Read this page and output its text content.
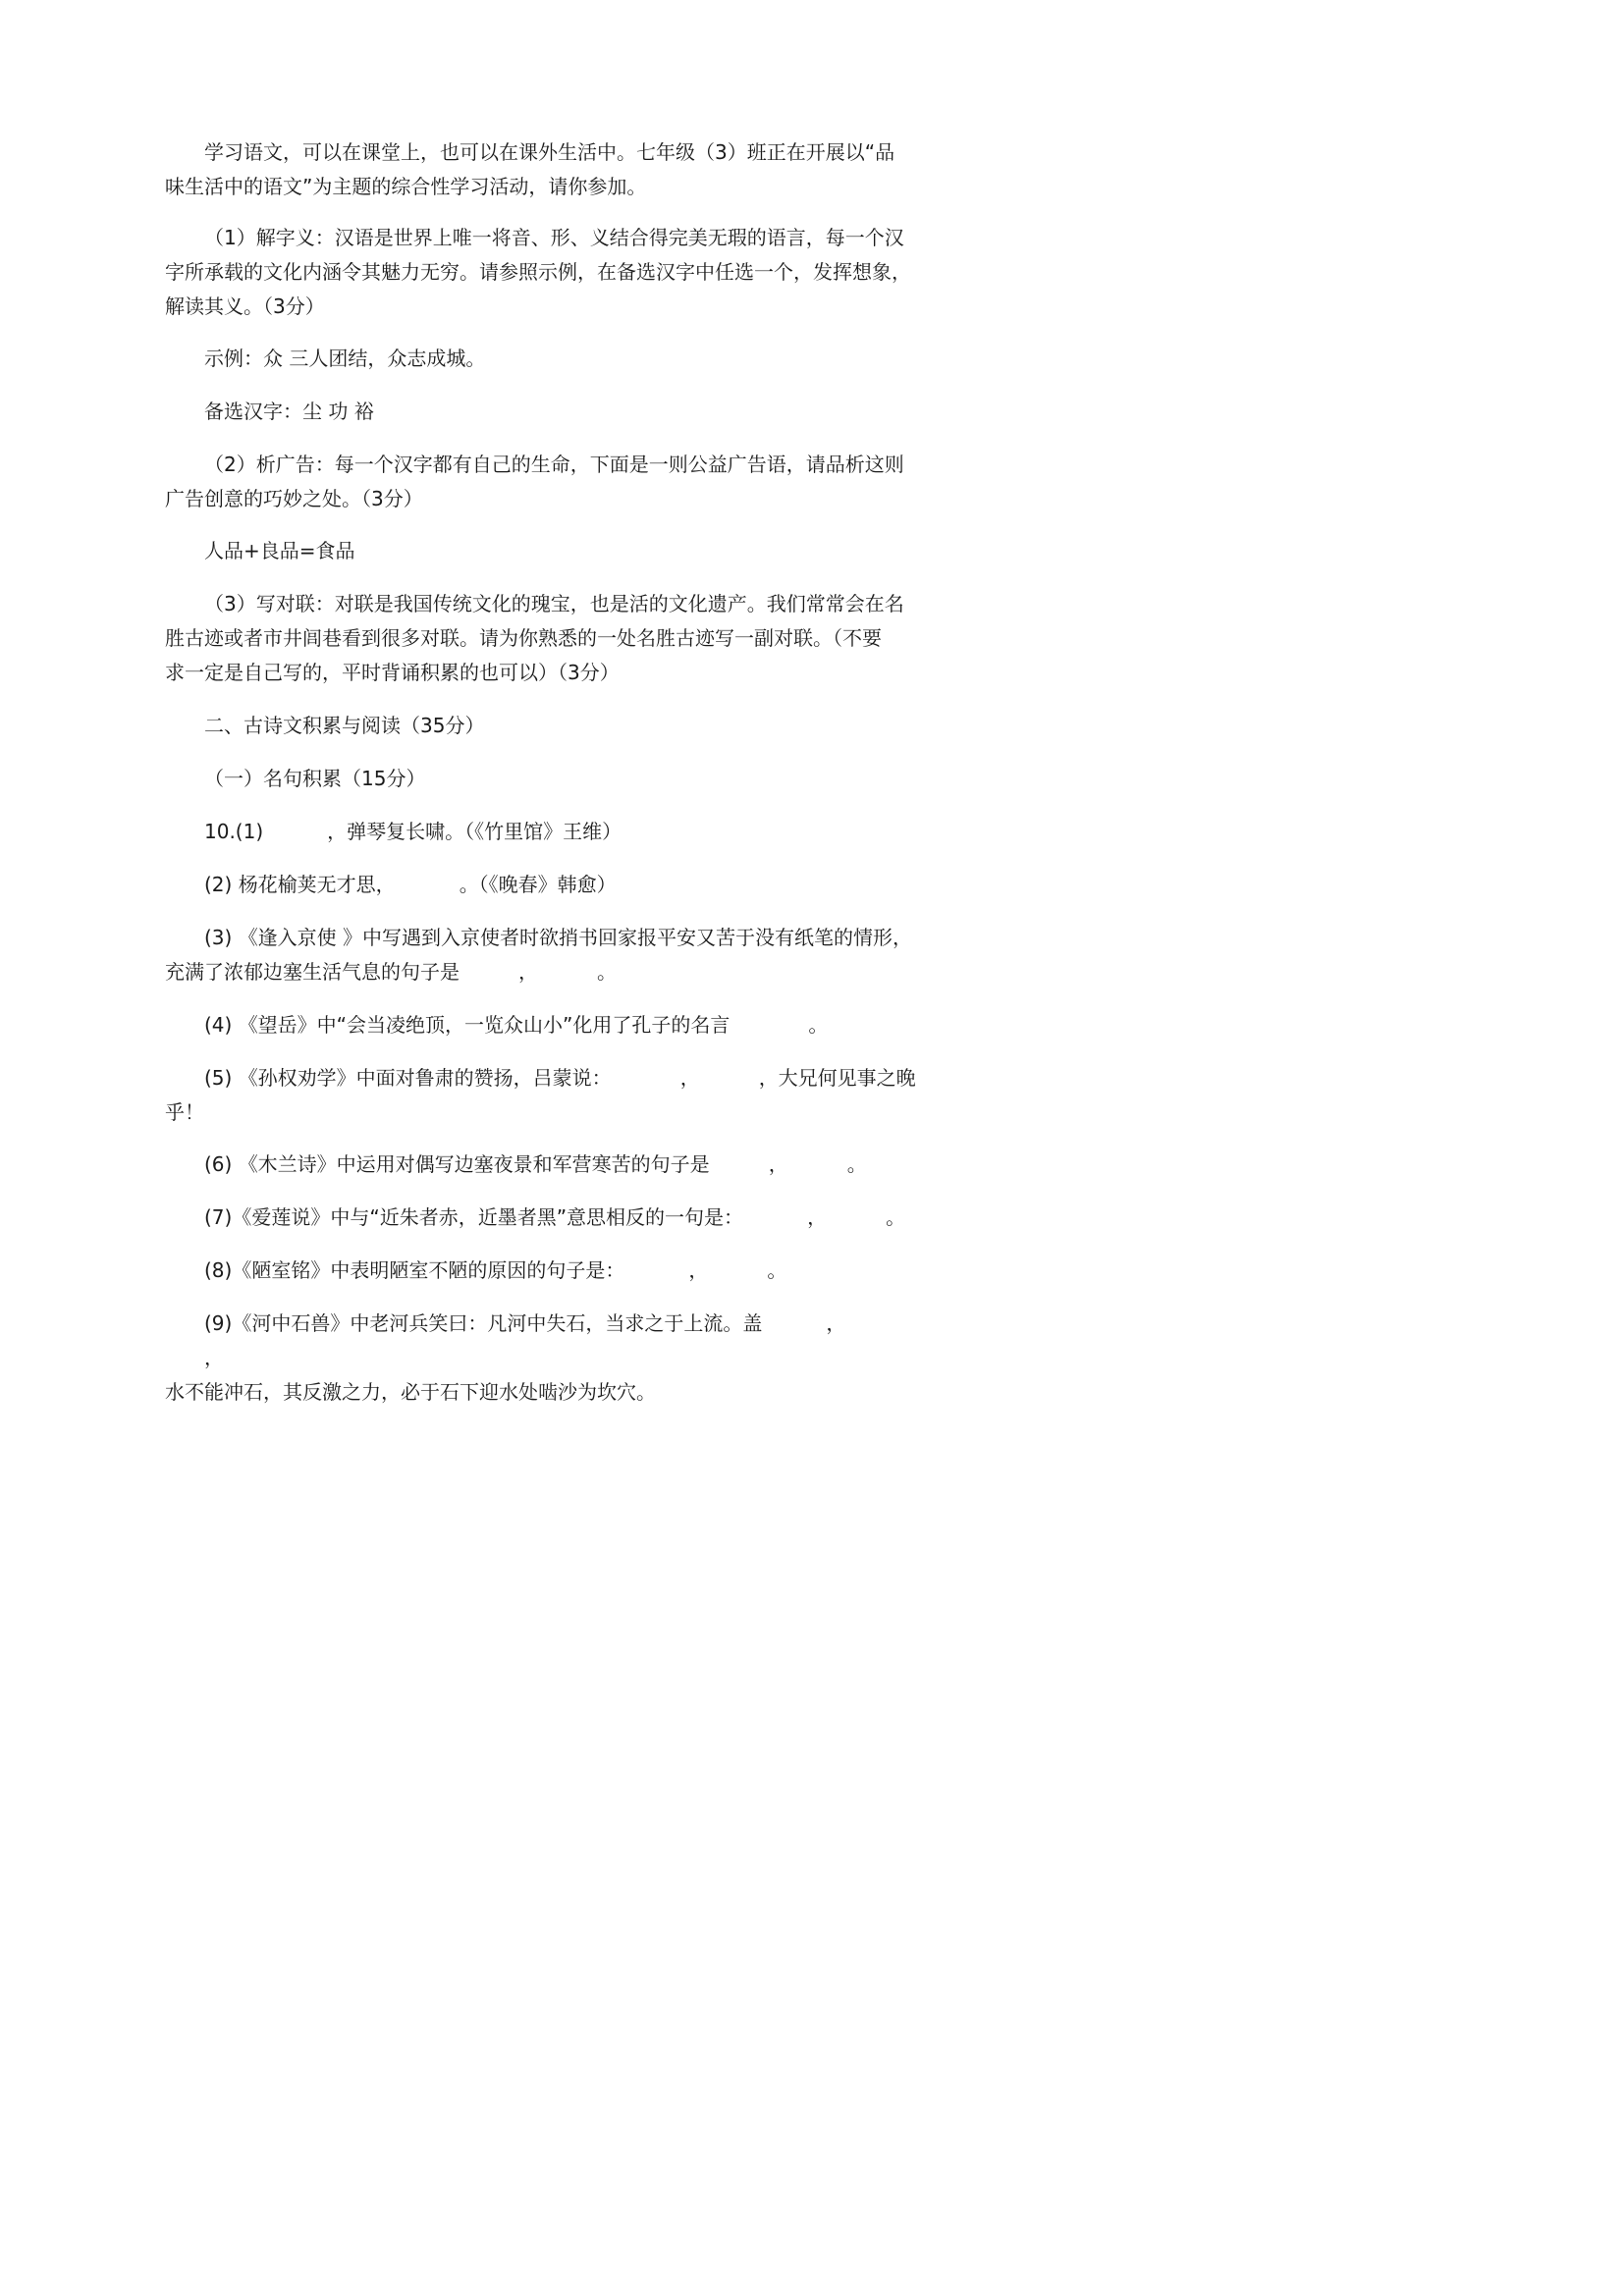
学习语文，可以在课堂上，也可以在课外生活中。七年级（3）班正在开展以“品
味生活中的语文”为主题的综合性学习活动，请你参加。

（1）解字义：汉语是世界上唯一将音、形、义结合得完美无瑕的语言，每一个汉
字所承载的文化内涵令其魅力无穷。请参照示例，在备选汉字中任选一个，发挥想象，
解读其义。（3分）

示例：众 三人团结，众志成城。

备选汉字：尘 功 裕

（2）析广告：每一个汉字都有自己的生命，下面是一则公益广告语，请品析这则
广告创意的巧妙之处。（3分）

人品+良品=食品

（3）写对联：对联是我国传统文化的瑰宝，也是活的文化遗产。我们常常会在名
胜古迹或者市井闾巷看到很多对联。请为你熟悉的一处名胜古迹写一副对联。（不要
求一定是自己写的，平时背诵积累的也可以）（3分）

二、古诗文积累与阅读（35分）

（一）名句积累（15分）

10.(1)	，弹琴复长啸。（《竹里馆》王维）

(2) 杨花榆荚无才思，	。（《晚春》韩愈）

(3) 《逢入京使 》中写遇到入京使者时欲捎书回家报平安又苦于没有纸笔的情形，
充满了浓郁边塞生活气息的句子是	，	。

(4) 《望岳》中“会当凌绝顶，一览众山小”化用了孔子的名言	。

(5) 《孙权劝学》中面对鲁肃的赞扬，吕蒙说：	，	，大兄何见事之晚
乎！

(6) 《木兰诗》中运用对偶写边塞夜景和军营寒苦的句子是	，	。

(7)《爱莲说》中与“近朱者赤，近墨者黑”意思相反的一句是：	，	。

(8)《陋室铭》中表明陋室不陋的原因的句子是：	，	。

(9)《河中石兽》中老河兵笑曰：凡河中失石，当求之于上流。盖	，，
水不能冲石，其反激之力，必于石下迎水处啮沙为坎穴。
